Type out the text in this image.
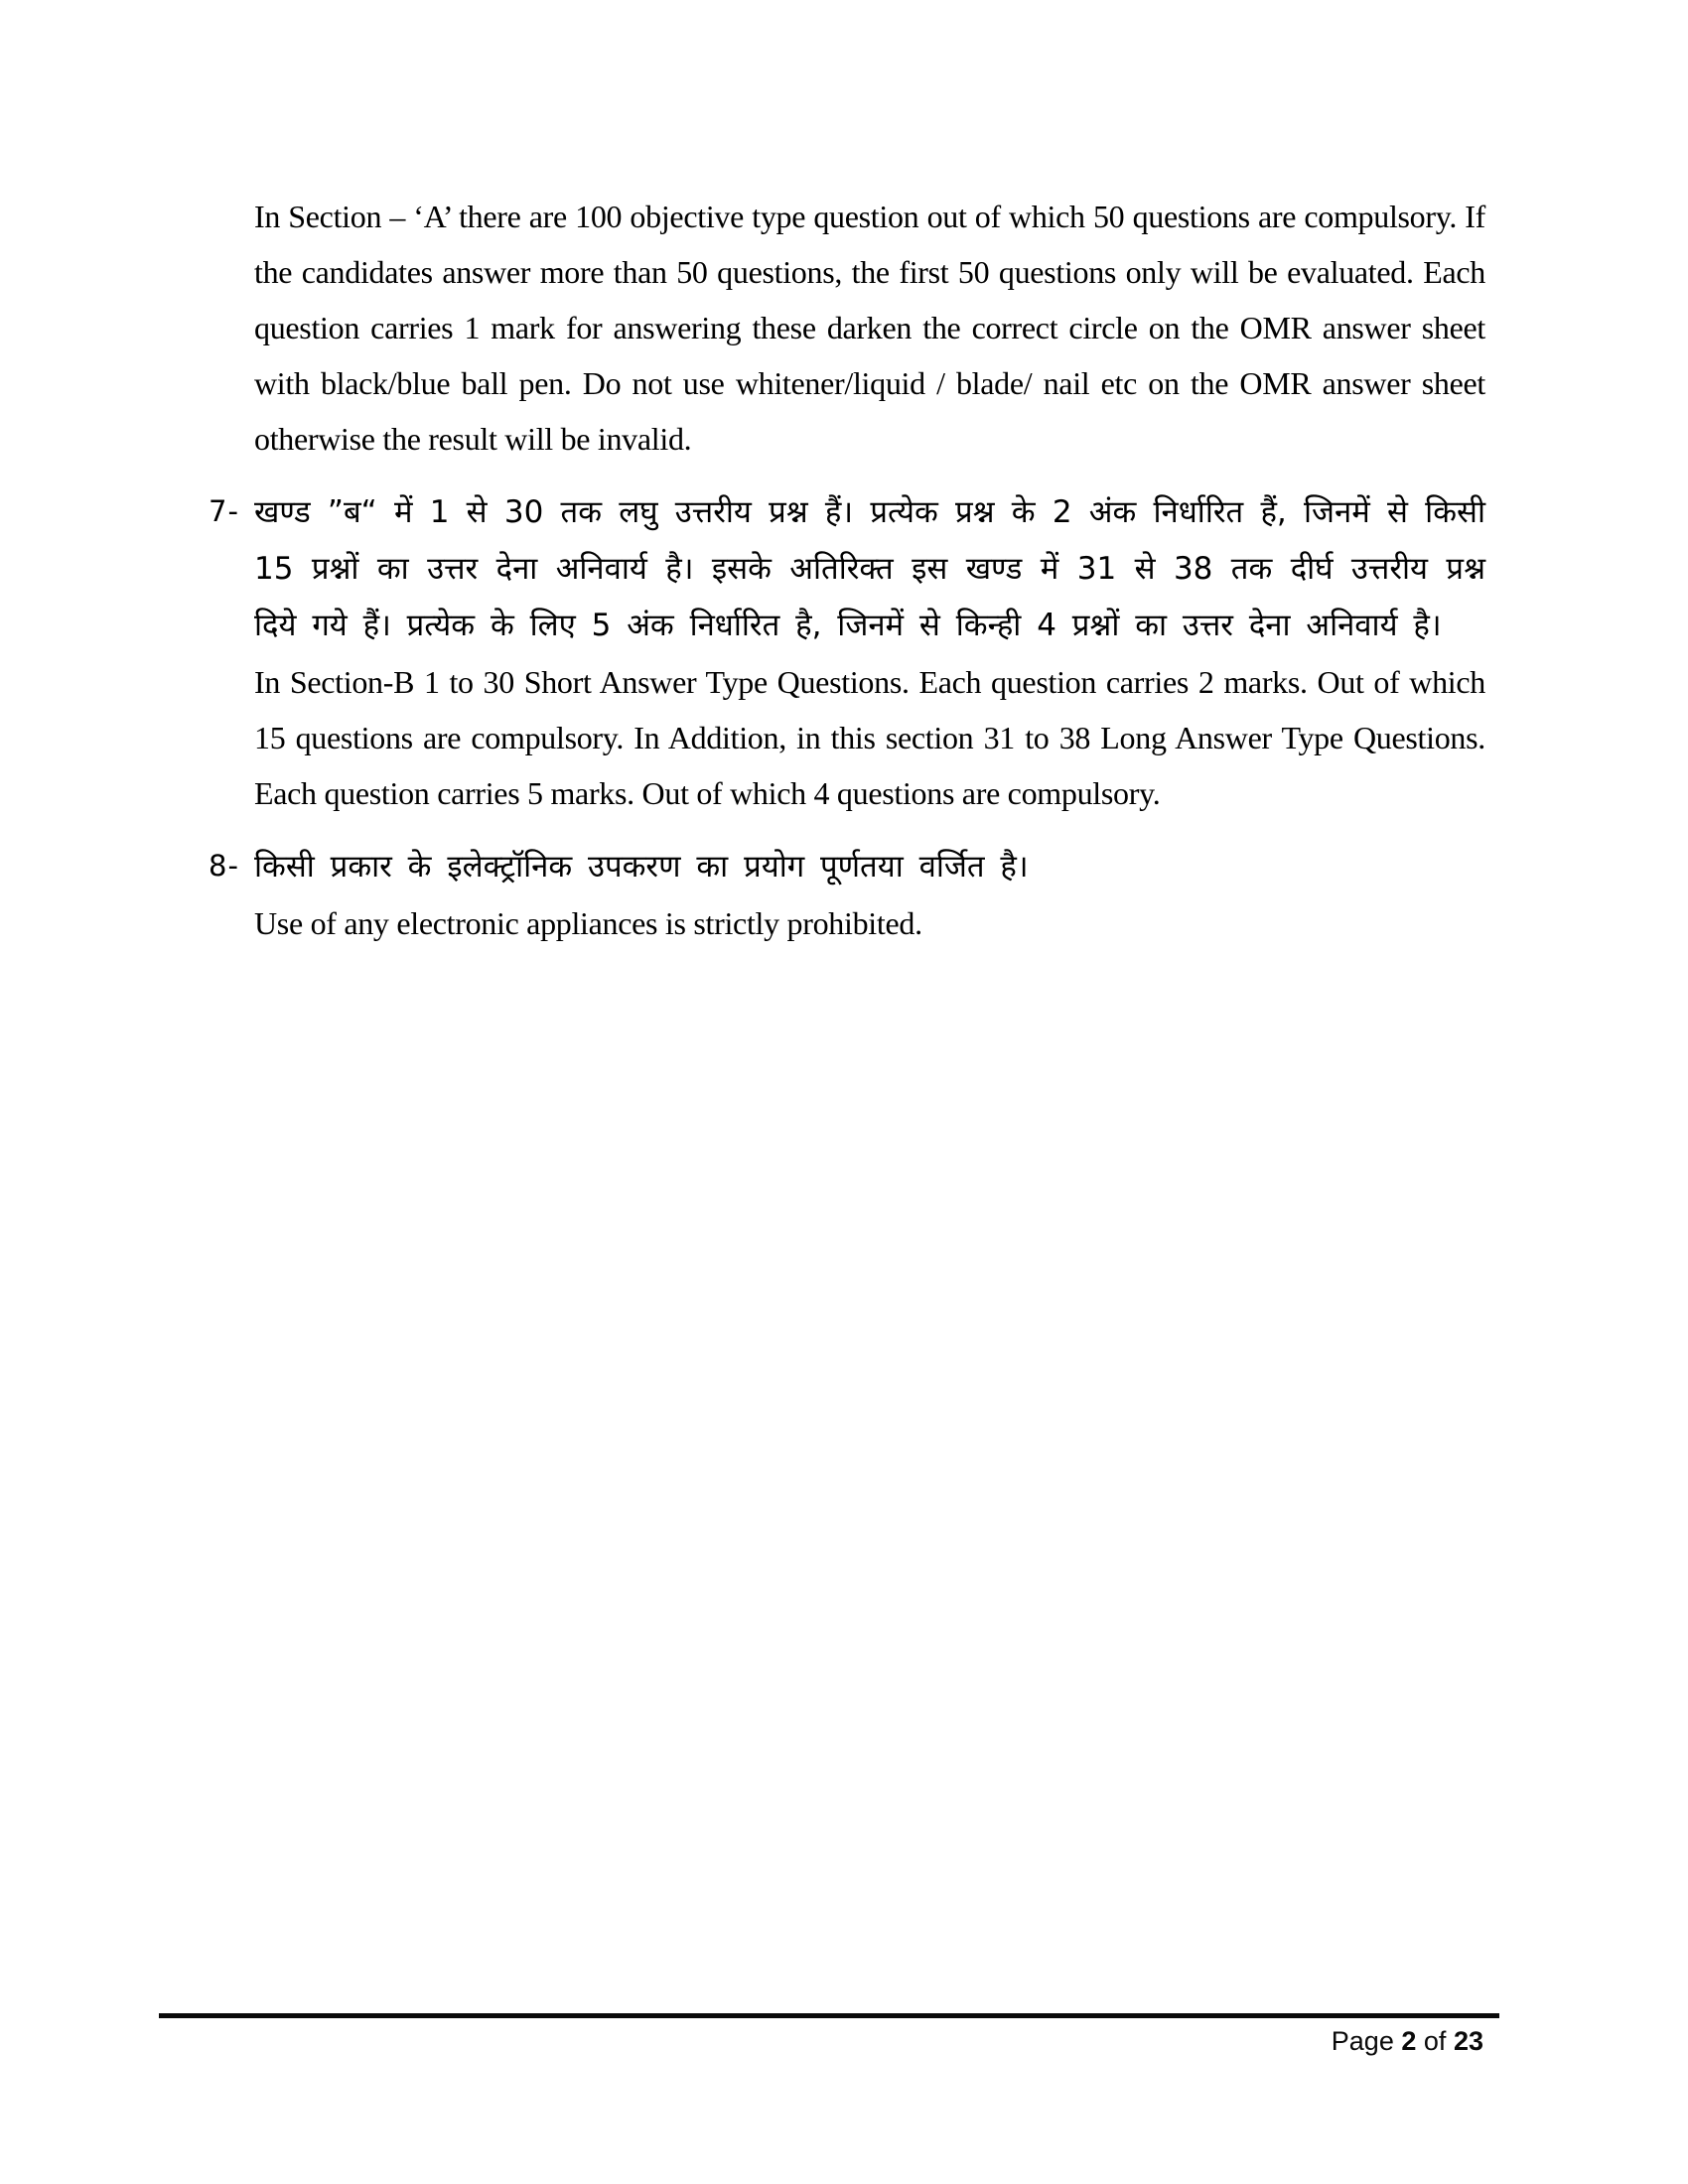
In Section – ‘A’ there are 100 objective type question out of which 50 questions are compulsory. If the candidates answer more than 50 questions, the first 50 questions only will be evaluated. Each question carries 1 mark for answering these darken the correct circle on the OMR answer sheet with black/blue ball pen. Do not use whitener/liquid / blade/ nail etc on the OMR answer sheet otherwise the result will be invalid.
7- खण्ड ”ब“ में 1 से 30 तक लघु उत्तरीय प्रश्न हैं। प्रत्येक प्रश्न के 2 अंक निर्धारित हैं, जिनमें से किसी 15 प्रश्नों का उत्तर देना अनिवार्य है। इसके अतिरिक्त इस खण्ड में 31 से 38 तक दीर्घ उत्तरीय प्रश्न दिये गये हैं। प्रत्येक के लिए 5 अंक निर्धारित है, जिनमें से किन्ही 4 प्रश्नों का उत्तर देना अनिवार्य है।
In Section-B 1 to 30 Short Answer Type Questions. Each question carries 2 marks. Out of which 15 questions are compulsory. In Addition, in this section 31 to 38 Long Answer Type Questions. Each question carries 5 marks. Out of which 4 questions are compulsory.
8- किसी प्रकार के इलेक्ट्रॉनिक उपकरण का प्रयोग पूर्णतया वर्जित है।
Use of any electronic appliances is strictly prohibited.
Page 2 of 23
